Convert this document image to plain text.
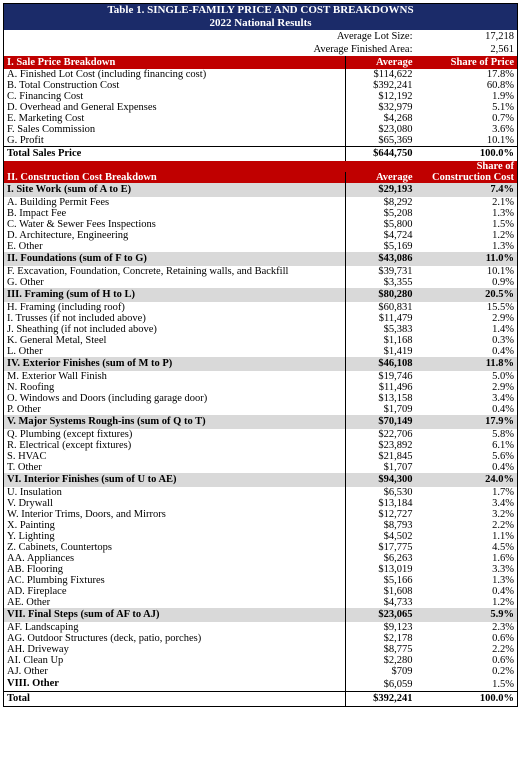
Table 1. SINGLE-FAMILY PRICE AND COST BREAKDOWNS		
2022 National Results		
Average Lot Size:		17,218
Average Finished Area:		2,561
I. Sale Price Breakdown	Average	Share of Price
A. Finished Lot Cost (including financing cost)	$114,622	17.8%
B. Total Construction Cost	$392,241	60.8%
C. Financing Cost	$12,192	1.9%
D. Overhead and General Expenses	$32,979	5.1%
E. Marketing Cost	$4,268	0.7%
F. Sales Commission	$23,080	3.6%
G. Profit	$65,369	10.1%
Total Sales Price	$644,750	100.0%
		Share of
II. Construction Cost Breakdown	Average	Construction Cost
I. Site Work (sum of A to E)	$29,193	7.4%
A. Building Permit Fees	$8,292	2.1%
B. Impact Fee	$5,208	1.3%
C. Water & Sewer Fees Inspections	$5,800	1.5%
D. Architecture, Engineering	$4,724	1.2%
E. Other	$5,169	1.3%
II. Foundations (sum of F to G)	$43,086	11.0%
F. Excavation, Foundation, Concrete, Retaining walls, and Backfill	$39,731	10.1%
G. Other	$3,355	0.9%
III. Framing (sum of H to L)	$80,280	20.5%
H. Framing (including roof)	$60,831	15.5%
I. Trusses (if not included above)	$11,479	2.9%
J. Sheathing (if not included above)	$5,383	1.4%
K. General Metal, Steel	$1,168	0.3%
L. Other	$1,419	0.4%
IV. Exterior Finishes (sum of M to P)	$46,108	11.8%
M. Exterior Wall Finish	$19,746	5.0%
N. Roofing	$11,496	2.9%
O. Windows and Doors (including garage door)	$13,158	3.4%
P. Other	$1,709	0.4%
V. Major Systems Rough-ins (sum of Q to T)	$70,149	17.9%
Q. Plumbing (except fixtures)	$22,706	5.8%
R. Electrical (except fixtures)	$23,892	6.1%
S. HVAC	$21,845	5.6%
T. Other	$1,707	0.4%
VI. Interior Finishes (sum of U to AE)	$94,300	24.0%
U. Insulation	$6,530	1.7%
V. Drywall	$13,184	3.4%
W. Interior Trims, Doors, and Mirrors	$12,727	3.2%
X. Painting	$8,793	2.2%
Y. Lighting	$4,502	1.1%
Z. Cabinets, Countertops	$17,775	4.5%
AA. Appliances	$6,263	1.6%
AB. Flooring	$13,019	3.3%
AC. Plumbing Fixtures	$5,166	1.3%
AD. Fireplace	$1,608	0.4%
AE. Other	$4,733	1.2%
VII. Final Steps (sum of AF to AJ)	$23,065	5.9%
AF. Landscaping	$9,123	2.3%
AG. Outdoor Structures (deck, patio, porches)	$2,178	0.6%
AH. Driveway	$8,775	2.2%
AI. Clean Up	$2,280	0.6%
AJ. Other	$709	0.2%
VIII. Other	$6,059	1.5%
Total	$392,241	100.0%
